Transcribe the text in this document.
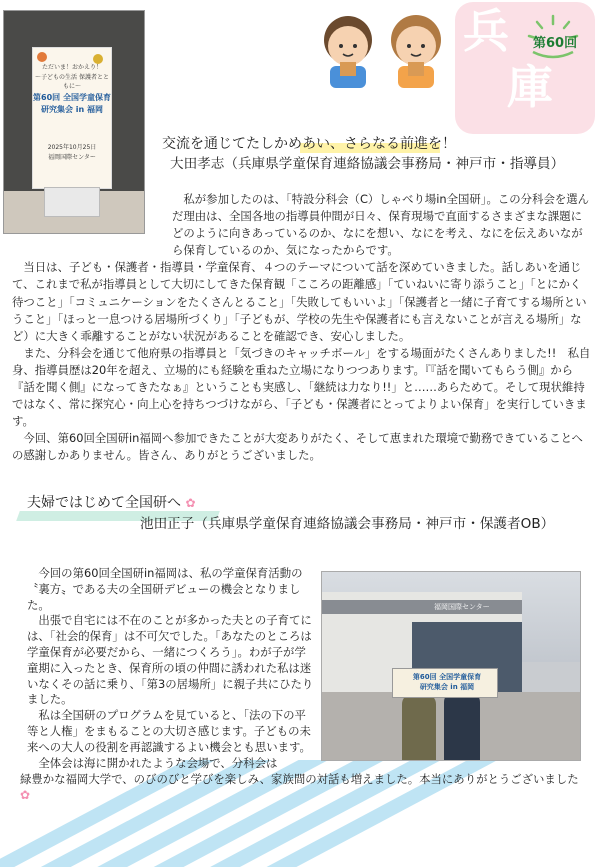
兵 第60回
庫
ただいま！おかえり！
～子どもの生活 保護者とともに～
第60回 全国学童保育
研究集会 in 福岡
2025年10月25日
福岡国際センター
交流を通じてたしかめあい、さらなる前進を！
大田孝志（兵庫県学童保育連絡協議会事務局・神戸市・指導員）

私が参加したのは、「特設分科会（C）しゃべり場in全国研」。この分科会を選んだ理由は、全国各地の指導員仲間が日々、保育現場で直面するさまざまな課題にどのように向きあっているのか、なにを想い、なにを考え、なにを伝えあいながら保育しているのか、気になったからです。

当日は、子ども・保護者・指導員・学童保育、４つのテーマについて話を深めていきました。話しあいを通じて、これまで私が指導員として大切にしてきた保育観「こころの距離感」「ていねいに寄り添うこと」「とにかく待つこと」「コミュニケーションをたくさんとること」「失敗してもいいよ」「保護者と一緒に子育てする場所ということ」「ほっと一息つける居場所づくり」「子どもが、学校の先生や保護者にも言えないことが言える場所」など）に大きく乖離することがない状況があることを確認でき、安心しました。

また、分科会を通じて他府県の指導員と「気づきのキャッチボール」をする場面がたくさんありました!!　私自身、指導員歴は20年を超え、立場的にも経験を重ねた立場になりつつあります。『『話を聞いてもらう側』から『話を聞く側』になってきたなぁ』ということも実感し、「継続は力なり!!」と……あらためて。そして現状維持ではなく、常に探究心・向上心を持ちつづけながら、「子ども・保護者にとってよりよい保育」を実行していきます。

今回、第60回全国研in福岡へ参加できたことが大変ありがたく、そして恵まれた環境で勤務できていることへの感謝しかありません。皆さん、ありがとうございました。

夫婦ではじめて全国研へ ✿
池田正子（兵庫県学童保育連絡協議会事務局・神戸市・保護者OB）

今回の第60回全国研in福岡は、私の学童保育活動の〝裏方〟である夫の全国研デビューの機会となりました。

出張で自宅には不在のことが多かった夫との子育てには、「社会的保育」は不可欠でした。「あなたのところは学童保育が必要だから、一緒につくろう」。わが子が学童期に入ったとき、保育所の頃の仲間に誘われた私は迷いなくその話に乗り、「第3の居場所」に親子共にひたりました。

私は全国研のプログラムを見ていると、「法の下の平等と人権」をまもることの大切さ感じます。子どもの未来への大人の役割を再認識するよい機会とも思います。

全体会は海に開かれたような会場で、分科会は

緑豊かな福岡大学で、のびのびと学びを楽しみ、家族間の対話も増えました。本当にありがとうございました ✿

第60回 全国学童保育
研究集会 in 福岡
福岡国際センター
